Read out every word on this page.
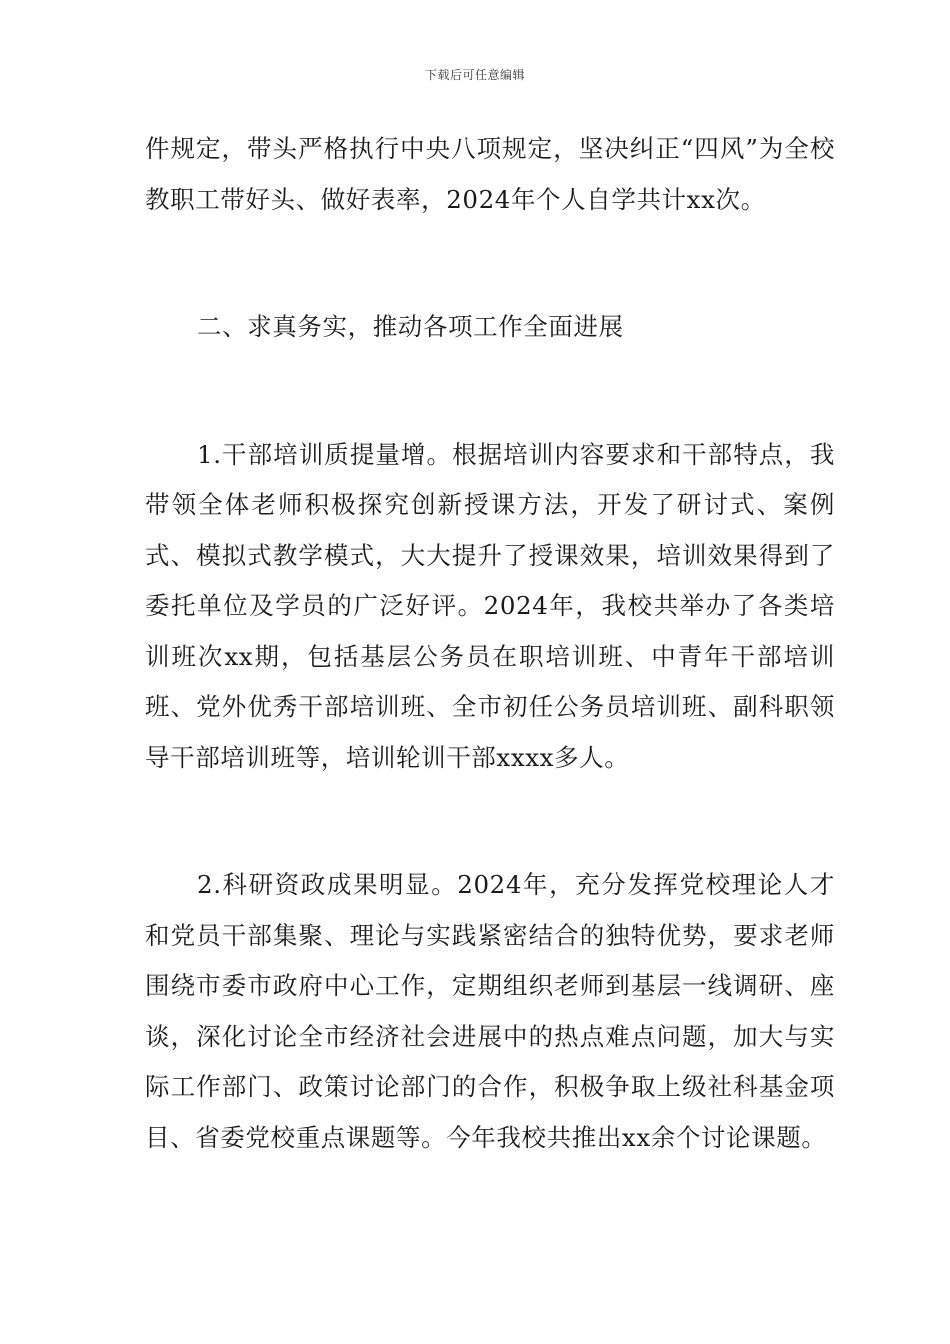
下载后可任意编辑

件规定，带头严格执行中央八项规定，坚决纠正“四风”为全校教职工带好头、做好表率，2024年个人自学共计xx次。

二、求真务实，推动各项工作全面进展

1.干部培训质提量增。根据培训内容要求和干部特点，我带领全体老师积极探究创新授课方法，开发了研讨式、案例式、模拟式教学模式，大大提升了授课效果，培训效果得到了委托单位及学员的广泛好评。2024年，我校共举办了各类培训班次xx期，包括基层公务员在职培训班、中青年干部培训班、党外优秀干部培训班、全市初任公务员培训班、副科职领导干部培训班等，培训轮训干部xxxx多人。

2.科研资政成果明显。2024年，充分发挥党校理论人才和党员干部集聚、理论与实践紧密结合的独特优势，要求老师围绕市委市政府中心工作，定期组织老师到基层一线调研、座谈，深化讨论全市经济社会进展中的热点难点问题，加大与实际工作部门、政策讨论部门的合作，积极争取上级社科基金项目、省委党校重点课题等。今年我校共推出xx余个讨论课题。
